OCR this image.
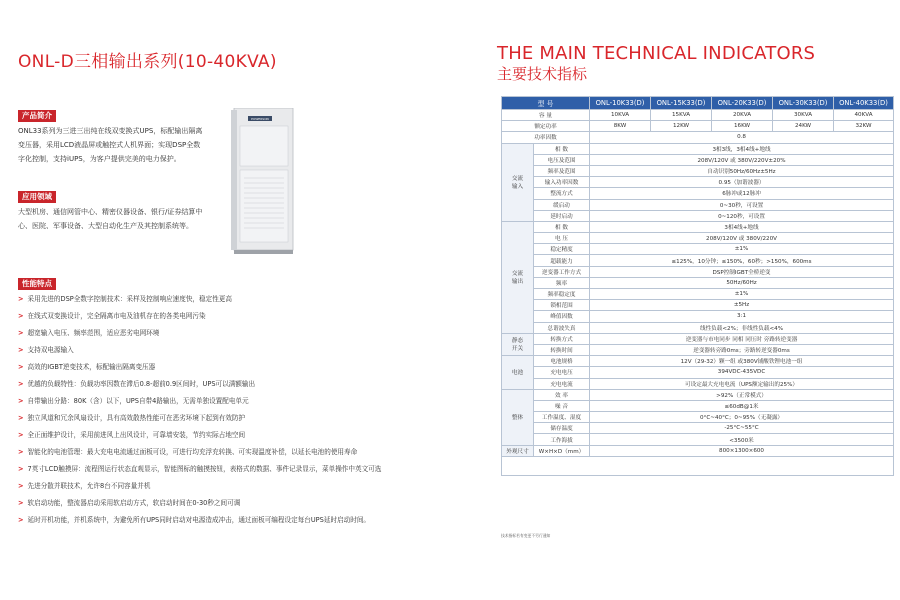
ONL-D三相输出系列(10-40KVA)
产品简介
ONL33系列为三进三出纯在线双变换式UPS，标配输出隔离
变压器，采用LCD液晶屏或触控式人机界面；实现DSP全数
字化控制，支持iUPS，为客户提供完美的电力保护。
应用领域
大型机房、通信网管中心、精密仪器设备、银行/证券结算中
心、医院、军事设备、大型自动化生产及其控制系统等。
POWERSON
性能特点
> 采用先进的DSP全数字控制技术：采样及控制响应速度快，稳定性更高
> 在线式双变换设计，完全隔离市电及油机存在的各类电网污染
> 超宽输入电压、频率范围，适应恶劣电网环境
> 支持双电源输入
> 高效的IGBT逆变技术，标配输出隔离变压器
> 优越的负载特性：负载功率因数在滞后0.8-超前0.9区间时，UPS可以满额输出
> 自带输出分路：80K（含）以下，UPS自带4路输出，无需单独设置配电单元
> 独立风道和冗余风扇设计，具有高效散热性能可在恶劣环境下起到有效防护
> 全正面维护设计，采用前进风上出风设计，可靠墙安装，节约实际占地空间
> 智能化的电池管理：最大充电电流通过面板可设，可进行均充浮充转换、可实现温度补偿，以延长电池的使用寿命
> 7英寸LCD触摸屏：流程图运行状态直观显示，智能图标的触摸按钮，表格式的数据、事件记录显示，菜单操作中英文可选
> 先进分散并联技术，允许8台不同容量并机
> 软启动功能，整流器启动采用软启动方式，软启动时间在0-30秒之间可调
> 延时开机功能，并机系统中，为避免所有UPS同时启动对电源造成冲击，通过面板可编程设定每台UPS延时启动时间。
THE MAIN TECHNICAL INDICATORS
主要技术指标
型 号		ONL-10K33(D)	ONL-15K33(D)	ONL-20K33(D)	ONL-30K33(D)	ONL-40K33(D)
容 量		10KVA	15KVA	20KVA	30KVA	40KVA
额定功率		8KW	12KW	16KW	24KW	32KW
功率因数		0.8				
交流
输入	相 数	3相3线，3相4线+地线				
	电压及范围	208V/120V 或 380V/220V±20%				
	频率及范围	自动识别50Hz/60Hz±5Hz				
	输入功率因数	0.95（加谐波器）				
	整流方式	6脉冲或12脉冲				
	缓启动	0~30秒，可设置				
	延时启动	0~120秒，可设置				
交流
输出	相 数	3相4线+地线				
	电 压	208V/120V 或 380V/220V				
	稳定精度	±1%				
	超载能力	≤125%，10分钟；≤150%，60秒；>150%，600ms				
	逆变器工作方式	DSP控制IGBT全桥逆变				
	频率	50Hz/60Hz				
	频率稳定度	±1%				
	锁相范围	±5Hz				
	峰值因数	3:1				
	总谐波失真	线性负载<2%；非线性负载<4%				
静态
开关	转换方式	逆变器与市电同步 同相 同压时 旁路转逆变器				
	转换时间	逆变器转旁路0ms；旁路转逆变器0ms				
电池	电池规格	12V（29-32）颗一组 或380V铺酸铁锂电池一组				
	充电电压	394VDC-435VDC				
	充电电流	可设定最大充电电流（UPS额定输出的25%）				
整体	效 率	>92%（正常模式）				
	噪 音	≤60dB@1米				
	工作温度、湿度	0°C~40°C；0~95%（无凝露）				
	储存温度	-25°C~55°C				
	工作海拔	<3500米				
外观尺寸	W×H×D（mm）	800×1300×600				

技术指标若有变更不另行通知
